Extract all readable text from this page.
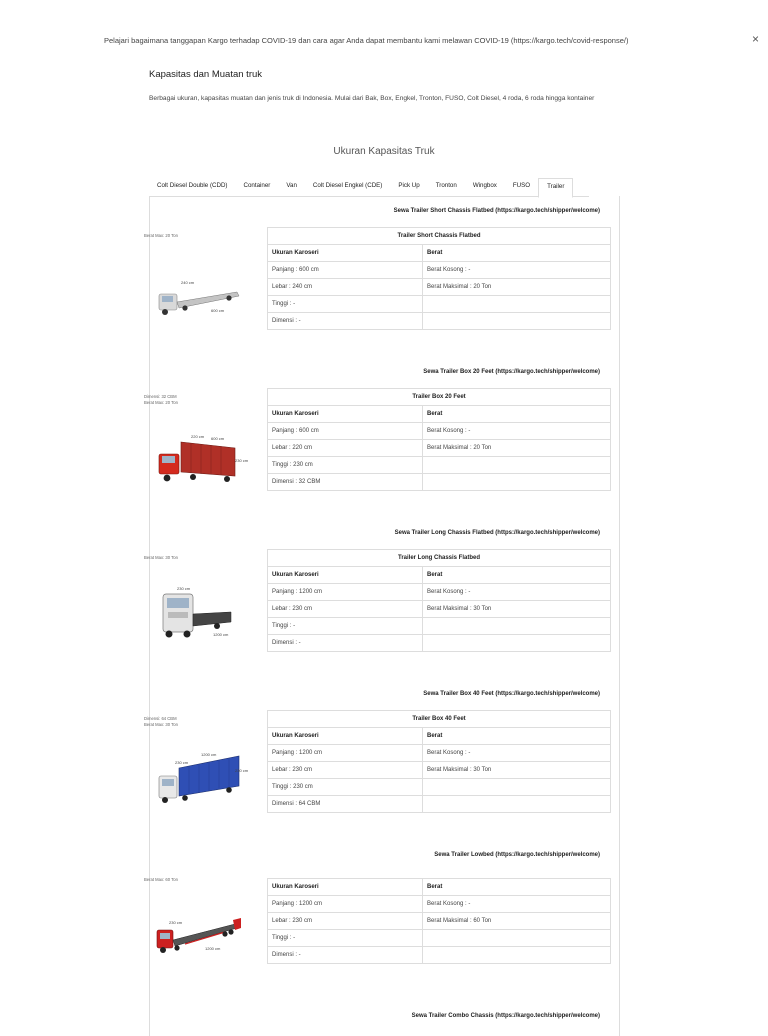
Pelajari bagaimana tanggapan Kargo terhadap COVID-19 dan cara agar Anda dapat membantu kami melawan COVID-19 (https://kargo.tech/covid-response/)	×
Kapasitas dan Muatan truk
Berbagai ukuran, kapasitas muatan dan jenis truk di Indonesia. Mulai dari Bak, Box, Engkel, Tronton, FUSO, Colt Diesel, 4 roda, 6 roda hingga kontainer
Ukuran Kapasitas Truk
Colt Diesel Double (CDD)	Container	Van	Colt Diesel Engkel (CDE)	Pick Up	Tronton	Wingbox	FUSO	Trailer
Sewa Trailer Short Chassis Flatbed (https://kargo.tech/shipper/welcome)
Berat Max: 20 Ton
240 cm
600 cm
Trailer Short Chassis Flatbed	
Ukuran Karoseri	Berat
Panjang : 600 cm	Berat Kosong : -
Lebar : 240 cm	Berat Maksimal : 20 Ton
Tinggi : -	
Dimensi : -	
Sewa Trailer Box 20 Feet (https://kargo.tech/shipper/welcome)
Dimensi: 32 CBM
Berat Max: 20 Ton
220 cm 600 cm
230 cm
Trailer Box 20 Feet	
Ukuran Karoseri	Berat
Panjang : 600 cm	Berat Kosong : -
Lebar : 220 cm	Berat Maksimal : 20 Ton
Tinggi : 230 cm	
Dimensi : 32 CBM	
Sewa Trailer Long Chassis Flatbed (https://kargo.tech/shipper/welcome)
Berat Max: 30 Ton
230 cm
1200 cm
Trailer Long Chassis Flatbed	
Ukuran Karoseri	Berat
Panjang : 1200 cm	Berat Kosong : -
Lebar : 230 cm	Berat Maksimal : 30 Ton
Tinggi : -	
Dimensi : -	
Sewa Trailer Box 40 Feet (https://kargo.tech/shipper/welcome)
Dimensi: 64 CBM
Berat Max: 30 Ton
230 cm
1200 cm
230 cm
Trailer Box 40 Feet	
Ukuran Karoseri	Berat
Panjang : 1200 cm	Berat Kosong : -
Lebar : 230 cm	Berat Maksimal : 30 Ton
Tinggi : 230 cm	
Dimensi : 64 CBM	
Sewa Trailer Lowbed (https://kargo.tech/shipper/welcome)
Berat Max: 60 Ton
230 cm
1200 cm
Ukuran Karoseri	Berat
Panjang : 1200 cm	Berat Kosong : -
Lebar : 230 cm	Berat Maksimal : 60 Ton
Tinggi : -	
Dimensi : -	
Sewa Trailer Combo Chassis (https://kargo.tech/shipper/welcome)
